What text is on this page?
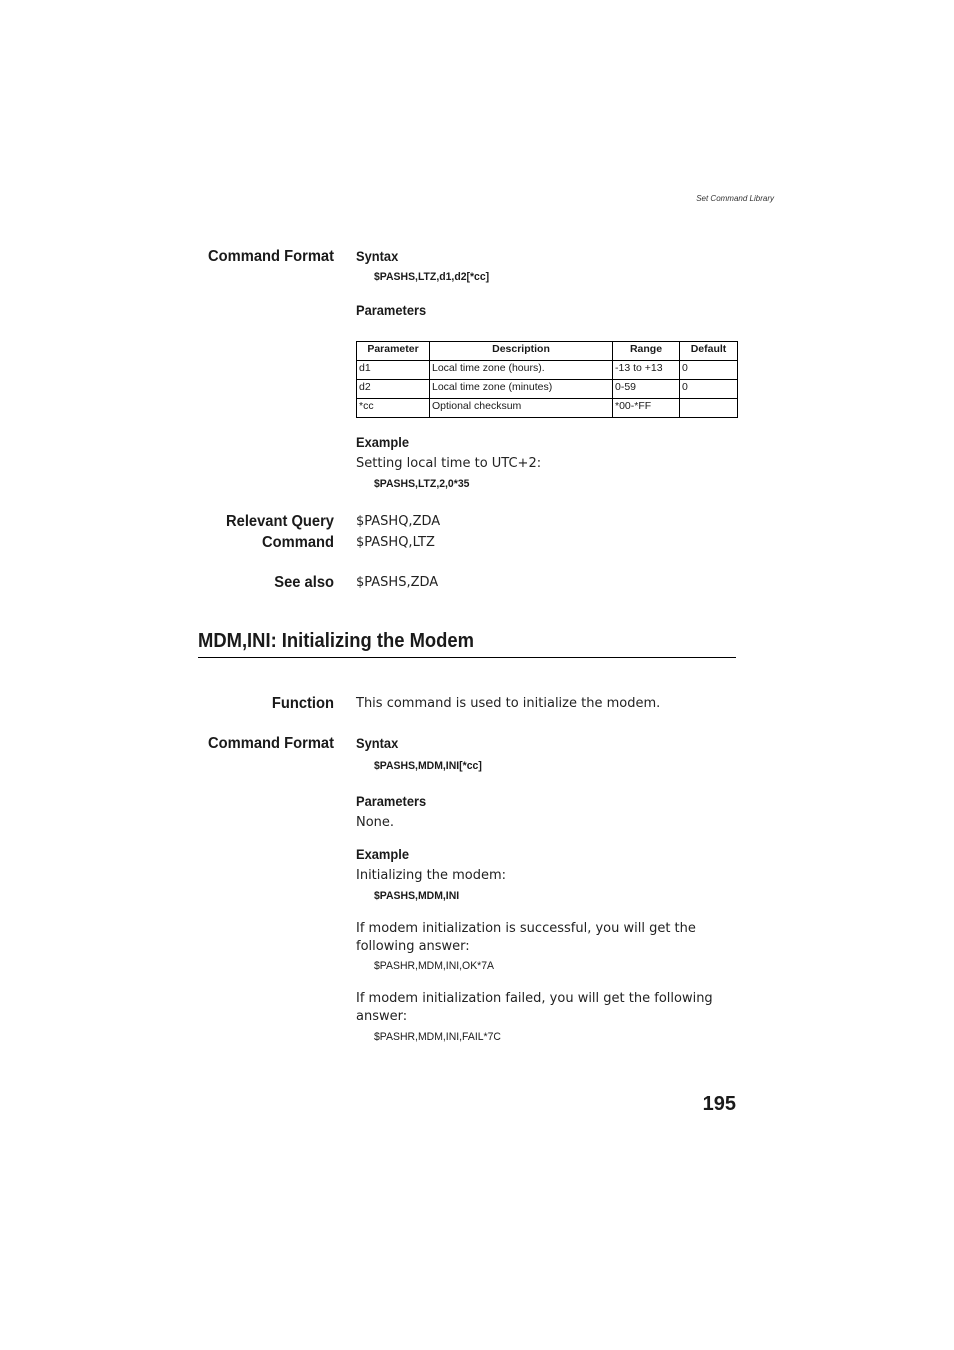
Set Command Library
Command Format Syntax
$PASHS,LTZ,d1,d2[*cc]
Parameters
Parameter	Description	Range	Default
d1	Local time zone (hours).	-13 to +13	0
d2	Local time zone (minutes)	0-59	0
*cc	Optional checksum	*00-*FF	
Example
Setting local time to UTC+2:
$PASHS,LTZ,2,0*35
Relevant Query
Command
$PASHQ,ZDA
$PASHQ,LTZ
See also $PASHS,ZDA
MDM,INI: Initializing the Modem
Function This command is used to initialize the modem.
Command Format Syntax
$PASHS,MDM,INI[*cc]
Parameters
None.
Example
Initializing the modem:
$PASHS,MDM,INI
If modem initialization is successful, you will get the following answer:
$PASHR,MDM,INI,OK*7A
If modem initialization failed, you will get the following answer:
$PASHR,MDM,INI,FAIL*7C
195
